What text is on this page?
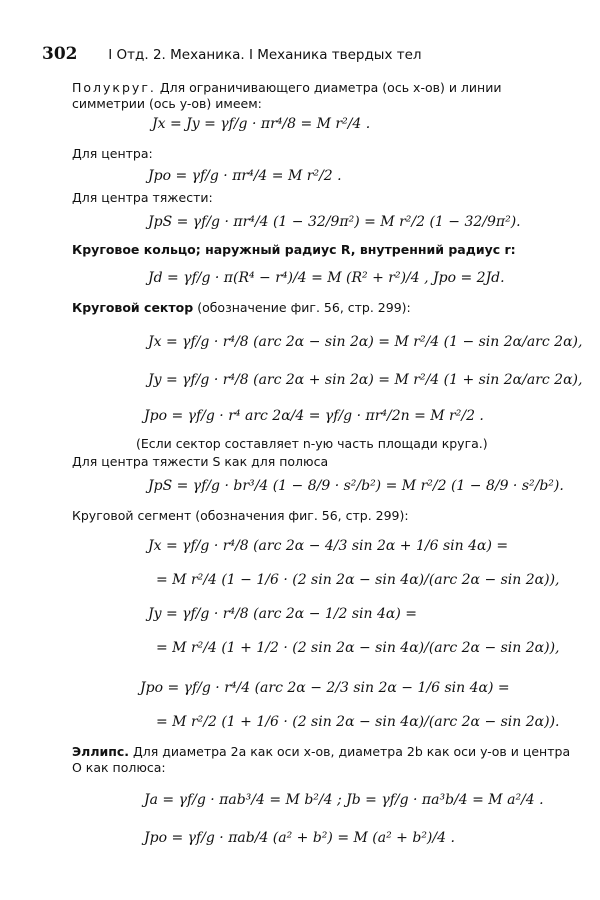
302 I Отд. 2. Механика. I Механика твердых тел
Полукруг. Для ограничивающего диаметра (ось x-ов) и линии симметрии (ось y-ов) имеем:
Jx = Jy = γf/g · πr⁴/8 = M r²/4 .
Для центра:
Jpo = γf/g · πr⁴/4 = M r²/2 .
Для центра тяжести:
JpS = γf/g · πr⁴/4 (1 − 32/9π²) = M r²/2 (1 − 32/9π²).
Круговое кольцо; наружный радиус R, внутренний радиус r:
Jd = γf/g · π(R⁴ − r⁴)/4 = M (R² + r²)/4 , Jpo = 2Jd.
Круговой сектор (обозначение фиг. 56, стр. 299):
Jx = γf/g · r⁴/8 (arc 2α − sin 2α) = M r²/4 (1 − sin 2α/arc 2α),
Jy = γf/g · r⁴/8 (arc 2α + sin 2α) = M r²/4 (1 + sin 2α/arc 2α),
Jpo = γf/g · r⁴ arc 2α/4 = γf/g · πr⁴/2n = M r²/2 .
(Если сектор составляет n-ую часть площади круга.)
Для центра тяжести S как для полюса
JpS = γf/g · br³/4 (1 − 8/9 · s²/b²) = M r²/2 (1 − 8/9 · s²/b²).
Круговой сегмент (обозначения фиг. 56, стр. 299):
Jx = γf/g · r⁴/8 (arc 2α − 4/3 sin 2α + 1/6 sin 4α) =
= M r²/4 (1 − 1/6 · (2 sin 2α − sin 4α)/(arc 2α − sin 2α)),
Jy = γf/g · r⁴/8 (arc 2α − 1/2 sin 4α) =
= M r²/4 (1 + 1/2 · (2 sin 2α − sin 4α)/(arc 2α − sin 2α)),
Jpo = γf/g · r⁴/4 (arc 2α − 2/3 sin 2α − 1/6 sin 4α) =
= M r²/2 (1 + 1/6 · (2 sin 2α − sin 4α)/(arc 2α − sin 2α)).
Эллипс. Для диаметра 2a как оси x-ов, диаметра 2b как оси y-ов и центра O как полюса:
Ja = γf/g · πab³/4 = M b²/4 ; Jb = γf/g · πa³b/4 = M a²/4 .
Jpo = γf/g · πab/4 (a² + b²) = M (a² + b²)/4 .
